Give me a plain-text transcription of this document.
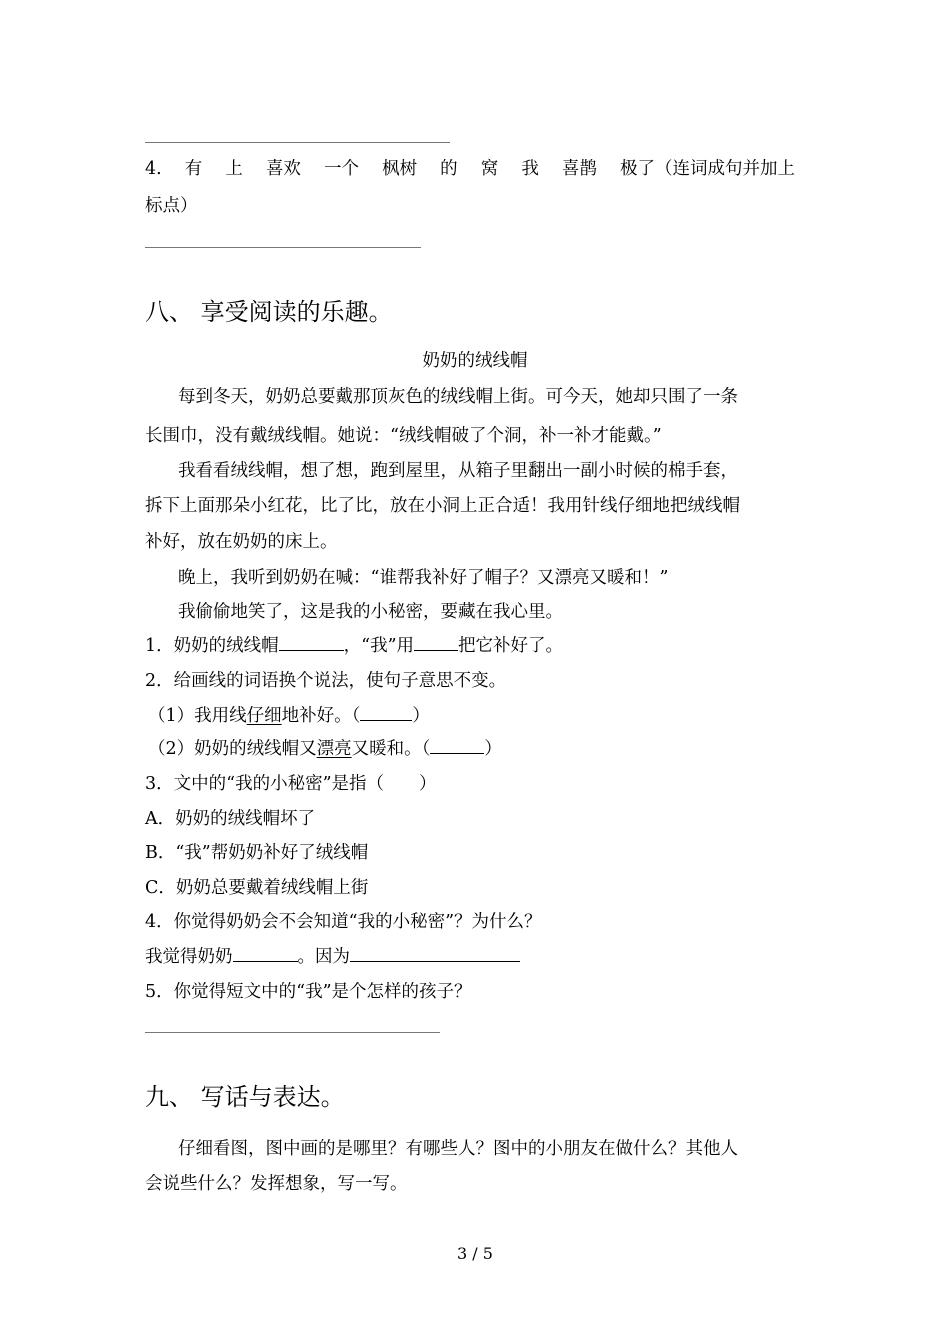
4. 有 上 喜欢 一个 枫树 的 窝 我 喜鹊 极了（连词成句并加上
标点）
八、 享受阅读的乐趣。
奶奶的绒线帽
每到冬天，奶奶总要戴那顶灰色的绒线帽上街。可今天，她却只围了一条
长围巾，没有戴绒线帽。她说：“绒线帽破了个洞，补一补才能戴。”
我看看绒线帽，想了想，跑到屋里，从箱子里翻出一副小时候的棉手套，
拆下上面那朵小红花，比了比，放在小洞上正合适！我用针线仔细地把绒线帽
补好，放在奶奶的床上。
晚上，我听到奶奶在喊：“谁帮我补好了帽子？又漂亮又暖和！”
我偷偷地笑了，这是我的小秘密，要藏在我心里。
1．奶奶的绒线帽	，“我”用	把它补好了。
2．给画线的词语换个说法，使句子意思不变。
（1）我用线仔细地补好。（	）
（2）奶奶的绒线帽又漂亮又暖和。（	）
3．文中的“我的小秘密”是指（　　）
A．奶奶的绒线帽坏了
B．“我”帮奶奶补好了绒线帽
C．奶奶总要戴着绒线帽上街
4．你觉得奶奶会不会知道“我的小秘密”？为什么？
我觉得奶奶	。因为
5．你觉得短文中的“我”是个怎样的孩子？
九、 写话与表达。
仔细看图，图中画的是哪里？有哪些人？图中的小朋友在做什么？其他人
会说些什么？发挥想象，写一写。
3 / 5
